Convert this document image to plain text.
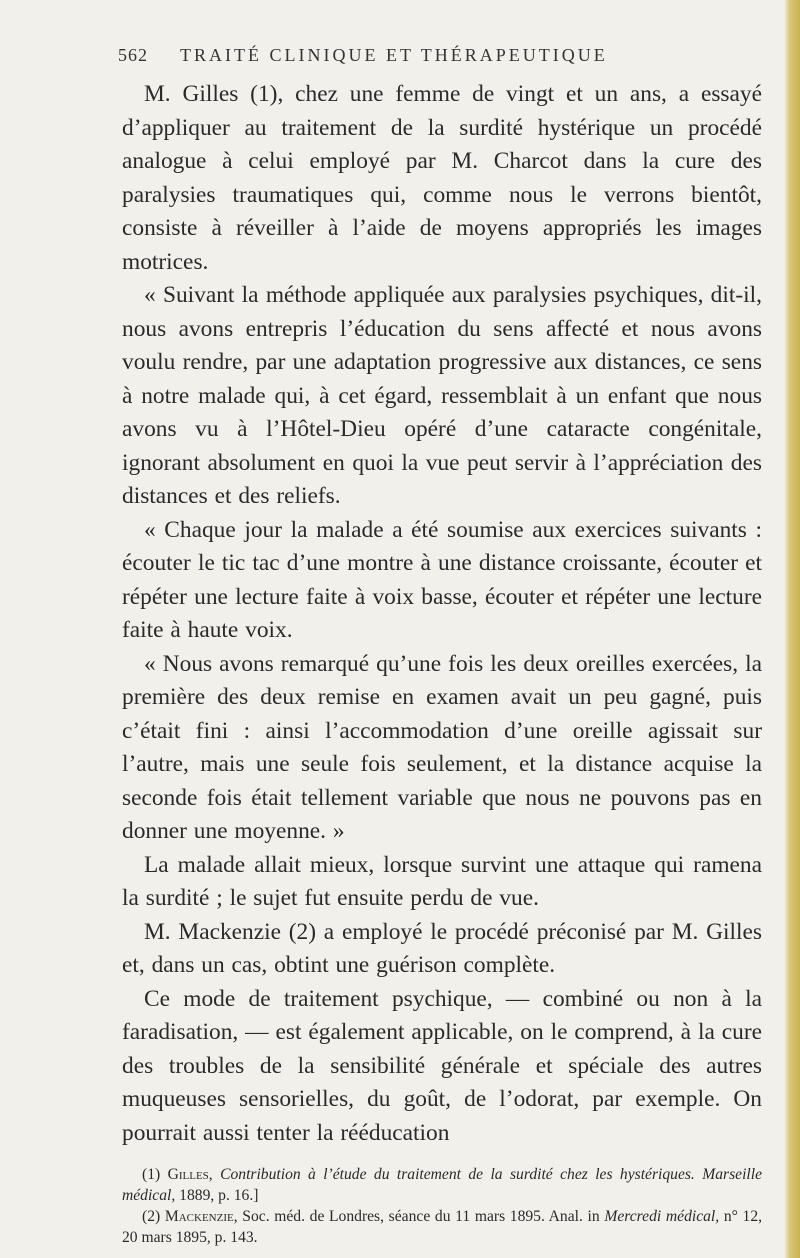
562 TRAITÉ CLINIQUE ET THÉRAPEUTIQUE

M. Gilles (1), chez une femme de vingt et un ans, a essayé d’appliquer au traitement de la surdité hystérique un procédé analogue à celui employé par M. Charcot dans la cure des paralysies traumatiques qui, comme nous le verrons bientôt, consiste à réveiller à l’aide de moyens appropriés les images motrices.

« Suivant la méthode appliquée aux paralysies psychiques, dit-il, nous avons entrepris l’éducation du sens affecté et nous avons voulu rendre, par une adaptation progressive aux distances, ce sens à notre malade qui, à cet égard, ressemblait à un enfant que nous avons vu à l’Hôtel-Dieu opéré d’une cataracte congénitale, ignorant absolument en quoi la vue peut servir à l’appréciation des distances et des reliefs.

« Chaque jour la malade a été soumise aux exercices suivants : écouter le tic tac d’une montre à une distance croissante, écouter et répéter une lecture faite à voix basse, écouter et répéter une lecture faite à haute voix.

« Nous avons remarqué qu’une fois les deux oreilles exercées, la première des deux remise en examen avait un peu gagné, puis c’était fini : ainsi l’accommodation d’une oreille agissait sur l’autre, mais une seule fois seulement, et la distance acquise la seconde fois était tellement variable que nous ne pouvons pas en donner une moyenne. »

La malade allait mieux, lorsque survint une attaque qui ramena la surdité ; le sujet fut ensuite perdu de vue.

M. Mackenzie (2) a employé le procédé préconisé par M. Gilles et, dans un cas, obtint une guérison complète.

Ce mode de traitement psychique, — combiné ou non à la faradisation, — est également applicable, on le comprend, à la cure des troubles de la sensibilité générale et spéciale des autres muqueuses sensorielles, du goût, de l’odorat, par exemple. On pourrait aussi tenter la rééducation

(1) Gilles, Contribution à l’étude du traitement de la surdité chez les hystériques. Marseille médical, 1889, p. 16.]

(2) Mackenzie, Soc. méd. de Londres, séance du 11 mars 1895. Anal. in Mercredi médical, n° 12, 20 mars 1895, p. 143.
